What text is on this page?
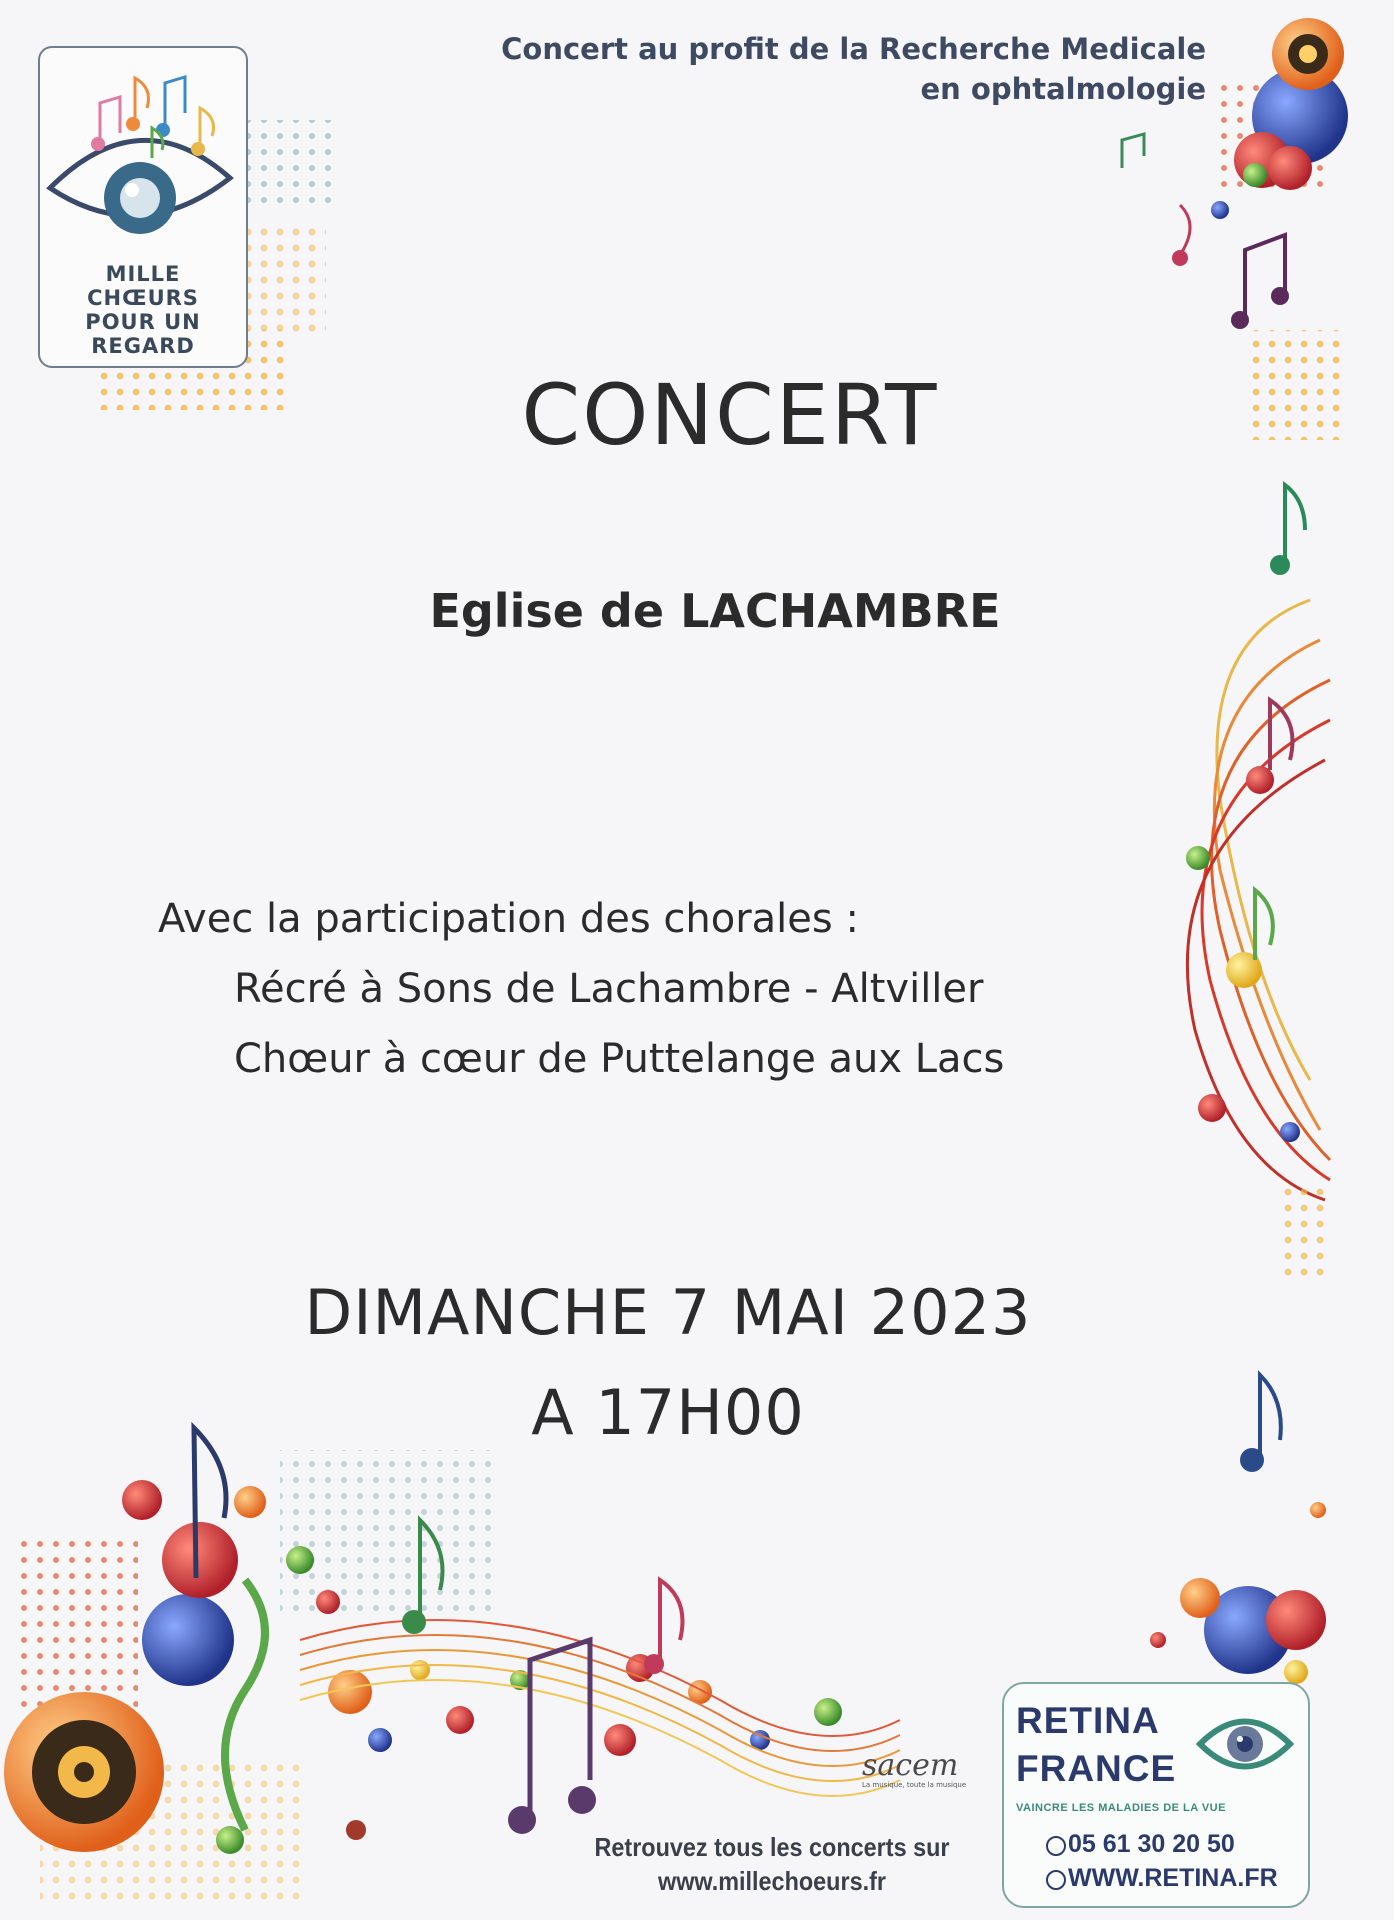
MILLE
CHŒURS
POUR UN
REGARD
Concert au profit de la Recherche Medicale
en ophtalmologie
CONCERT
Eglise de LACHAMBRE
Avec la participation des chorales :
Récré à Sons de Lachambre - Altviller
Chœur à cœur de Puttelange aux Lacs
DIMANCHE 7 MAI 2023
A 17H00
sacem
La musique, toute la musique
Retrouvez tous les concerts sur
www.millechoeurs.fr
RETINA
FRANCE
VAINCRE LES MALADIES DE LA VUE
05 61 30 20 50
WWW.RETINA.FR
